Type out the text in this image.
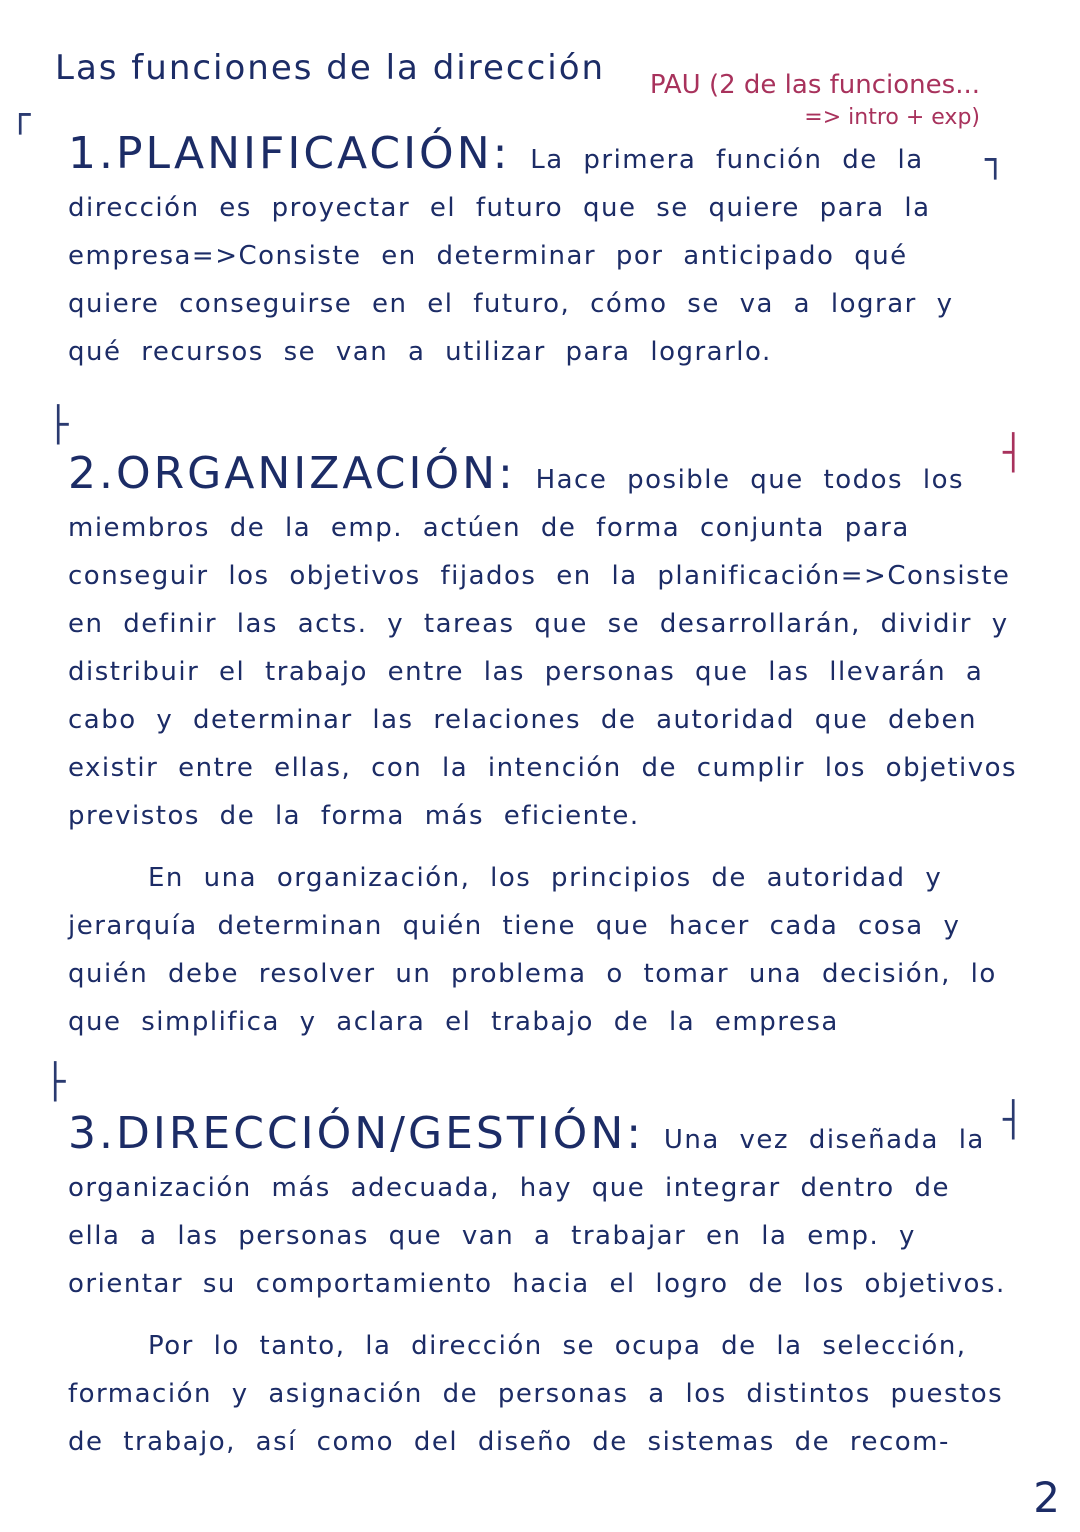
Las funciones de la dirección PAU (2 de las funciones...
=> intro + exp)
┌
┐
├
┤
├
┤

1.PLANIFICACIÓN: La primera función de la dirección es proyectar el futuro que se quiere para la empresa=>Consiste en determinar por anticipado qué quiere conseguirse en el futuro, cómo se va a lograr y qué recursos se van a utilizar para lograrlo.

2.ORGANIZACIÓN: Hace posible que todos los miembros de la emp. actúen de forma conjunta para conseguir los objetivos fijados en la planificación=>Consiste en definir las acts. y tareas que se desarrollarán, dividir y distribuir el trabajo entre las personas que las llevarán a cabo y determinar las relaciones de autoridad que deben existir entre ellas, con la intención de cumplir los objetivos previstos de la forma más eficiente.

En una organización, los principios de autoridad y jerarquía determinan quién tiene que hacer cada cosa y quién debe resolver un problema o tomar una decisión, lo que simplifica y aclara el trabajo de la empresa

3.DIRECCIÓN/GESTIÓN: Una vez diseñada la organización más adecuada, hay que integrar dentro de ella a las personas que van a trabajar en la emp. y orientar su comportamiento hacia el logro de los objetivos.

Por lo tanto, la dirección se ocupa de la selección, formación y asignación de personas a los distintos puestos de trabajo, así como del diseño de sistemas de recom-

2
